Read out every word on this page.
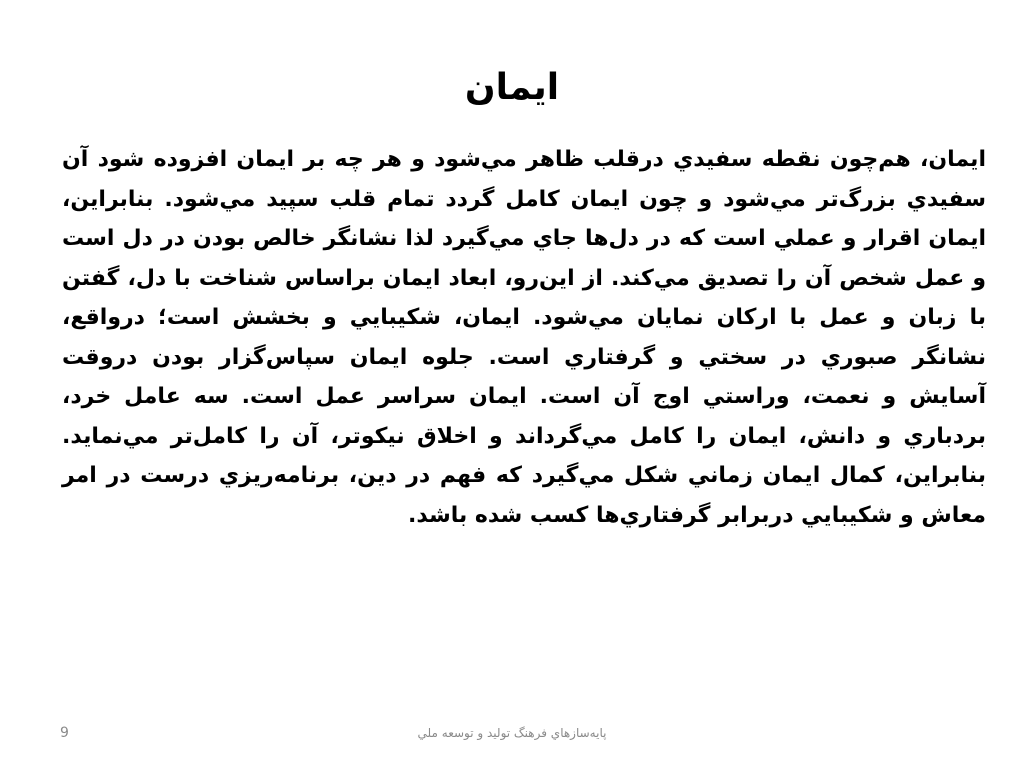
ايمان

ايمان، هم‌چون نقطه سفيدي درقلب ظاهر مي‌شود و هر چه بر ايمان افزوده شود آن سفيدي بزرگ‌تر مي‌شود و چون ايمان كامل گردد تمام قلب سپيد مي‌شود. بنابراين، ايمان اقرار و عملي است كه در دل‌ها جاي مي‌گيرد لذا نشانگر خالص بودن در دل است و عمل شخص آن را تصديق مي‌كند. از اين‌رو، ابعاد ايمان براساس شناخت با دل، گفتن با زبان و عمل با اركان نمايان مي‌شود. ايمان، شكيبايي و بخشش است؛ درواقع، نشانگر صبوري در سختي و گرفتاري است. جلوه ايمان سپاس‌گزار بودن دروقت آسايش و نعمت، وراستي اوج آن است. ايمان سراسر عمل است. سه عامل خرد، بردباري و دانش، ايمان را كامل مي‌گرداند و اخلاق نيكوتر، آن را كامل‌تر مي‌نمايد. بنابراين، كمال ايمان زماني شكل مي‌گيرد كه فهم در دين، برنامه‌ريزي درست در امر معاش و شكيبايي دربرابر گرفتاري‌ها كسب شده باشد.

پايه‌سازهاي فرهنگ توليد و توسعه ملي
9
